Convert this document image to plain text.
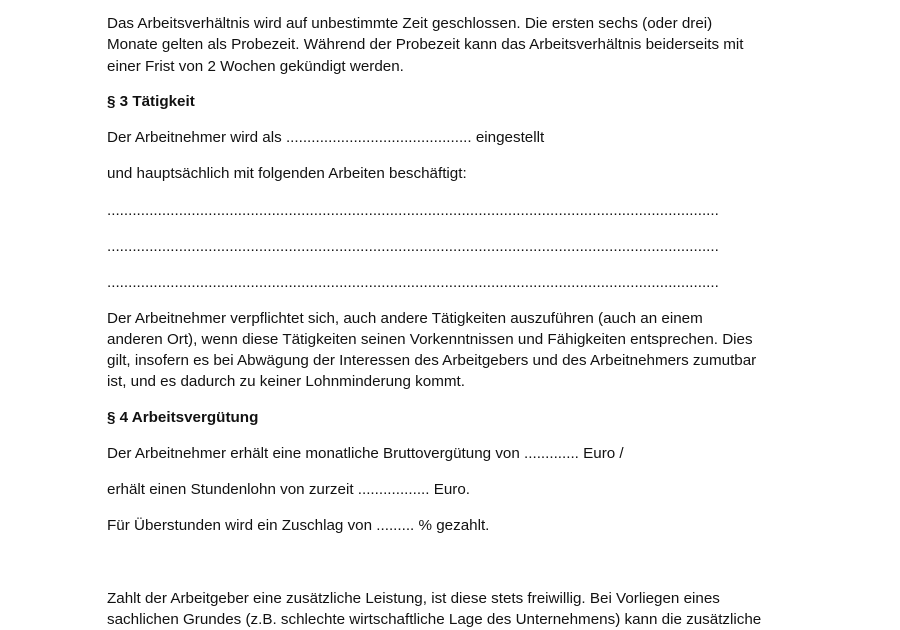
Das Arbeitsverhältnis wird auf unbestimmte Zeit geschlossen. Die ersten sechs (oder drei)
Monate gelten als Probezeit. Während der Probezeit kann das Arbeitsverhältnis beiderseits mit
einer Frist von 2 Wochen gekündigt werden.
§ 3 Tätigkeit
Der Arbeitnehmer wird als ............................................ eingestellt
und hauptsächlich mit folgenden Arbeiten beschäftigt:
.................................................................................................................................................
.................................................................................................................................................
.................................................................................................................................................
Der Arbeitnehmer verpflichtet sich, auch andere Tätigkeiten auszuführen (auch an einem
anderen Ort), wenn diese Tätigkeiten seinen Vorkenntnissen und Fähigkeiten entsprechen. Dies
gilt, insofern es bei Abwägung der Interessen des Arbeitgebers und des Arbeitnehmers zumutbar
ist, und es dadurch zu keiner Lohnminderung kommt.
§ 4 Arbeitsvergütung
Der Arbeitnehmer erhält eine monatliche Bruttovergütung von ............. Euro /
erhält einen Stundenlohn von zurzeit ................. Euro.
Für Überstunden wird ein Zuschlag von ......... % gezahlt.
Zahlt der Arbeitgeber eine zusätzliche Leistung, ist diese stets freiwillig. Bei Vorliegen eines
sachlichen Grundes (z.B. schlechte wirtschaftliche Lage des Unternehmens) kann die zusätzliche
